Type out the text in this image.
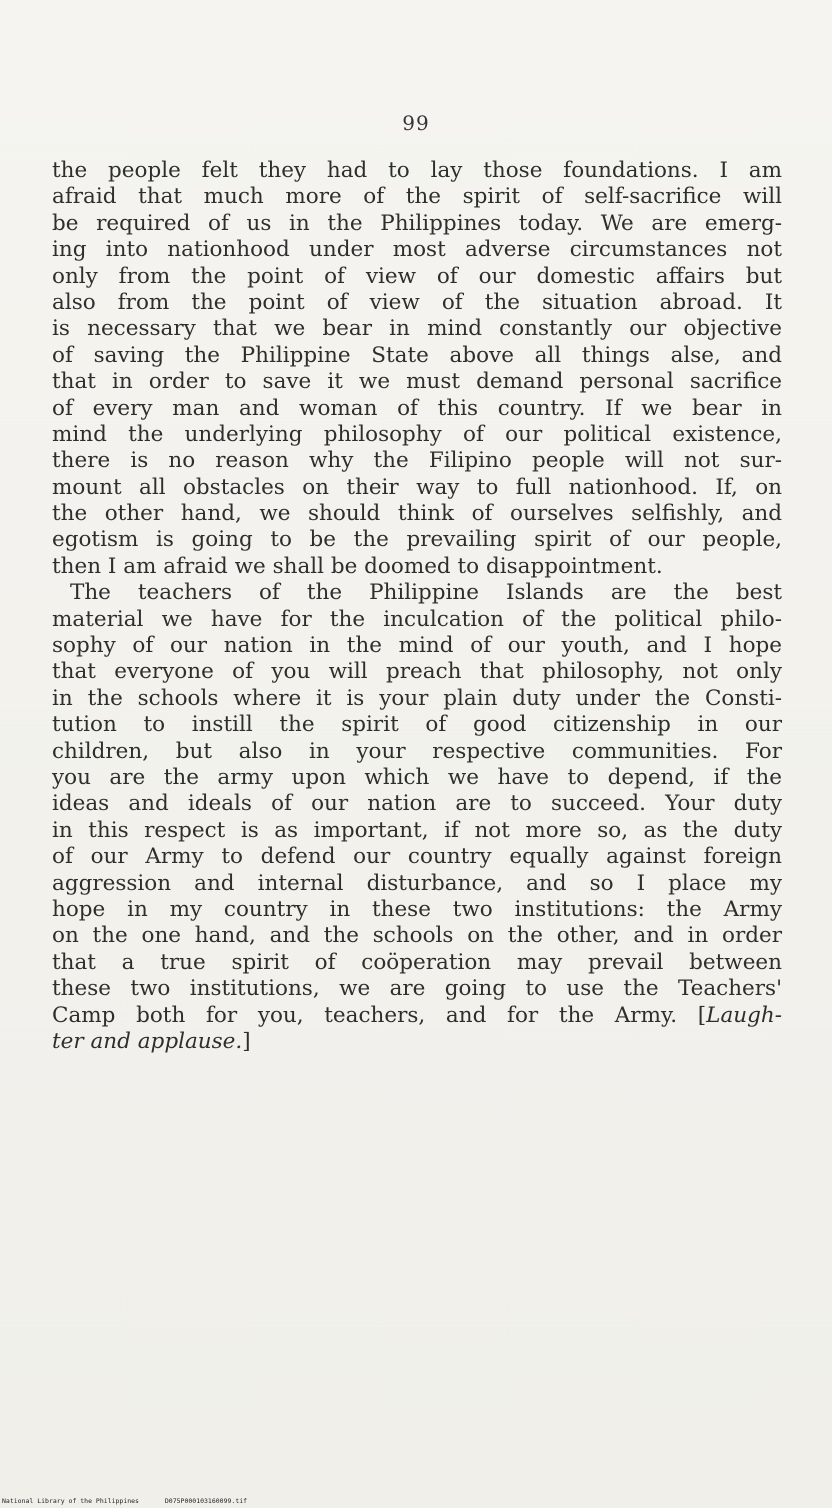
99
the people felt they had to lay those foundations. I am
afraid that much more of the spirit of self-sacrifice will
be required of us in the Philippines today. We are emerg-
ing into nationhood under most adverse circumstances not
only from the point of view of our domestic affairs but
also from the point of view of the situation abroad. It
is necessary that we bear in mind constantly our objective
of saving the Philippine State above all things alse, and
that in order to save it we must demand personal sacrifice
of every man and woman of this country. If we bear in
mind the underlying philosophy of our political existence,
there is no reason why the Filipino people will not sur-
mount all obstacles on their way to full nationhood. If, on
the other hand, we should think of ourselves selfishly, and
egotism is going to be the prevailing spirit of our people,
then I am afraid we shall be doomed to disappointment.
The teachers of the Philippine Islands are the best
material we have for the inculcation of the political philo-
sophy of our nation in the mind of our youth, and I hope
that everyone of you will preach that philosophy, not only
in the schools where it is your plain duty under the Consti-
tution to instill the spirit of good citizenship in our
children, but also in your respective communities. For
you are the army upon which we have to depend, if the
ideas and ideals of our nation are to succeed. Your duty
in this respect is as important, if not more so, as the duty
of our Army to defend our country equally against foreign
aggression and internal disturbance, and so I place my
hope in my country in these two institutions: the Army
on the one hand, and the schools on the other, and in order
that a true spirit of coöperation may prevail between
these two institutions, we are going to use the Teachers'
Camp both for you, teachers, and for the Army. [Laugh-
ter and applause.]
National Library of the Philippines	D075P000103160099.tif
